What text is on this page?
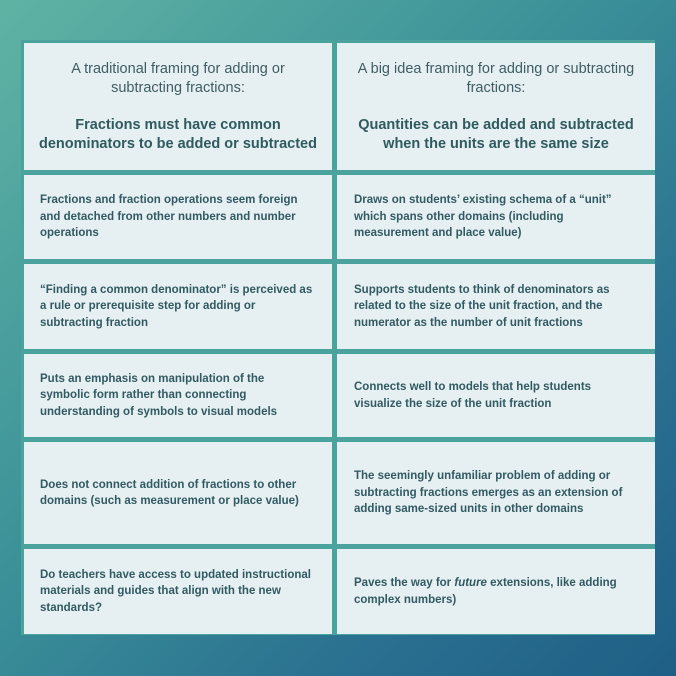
A traditional framing for adding or subtracting fractions:
Fractions must have common denominators to be added or subtracted
A big idea framing for adding or subtracting fractions:
Quantities can be added and subtracted when the units are the same size
Fractions and fraction operations seem foreign and detached from other numbers and number operations
Draws on students’ existing schema of a “unit” which spans other domains (including measurement and place value)
“Finding a common denominator” is perceived as a rule or prerequisite step for adding or subtracting fraction
Supports students to think of denominators as related to the size of the unit fraction, and the numerator as the number of unit fractions
Puts an emphasis on manipulation of the symbolic form rather than connecting understanding of symbols to visual models
Connects well to models that help students visualize the size of the unit fraction
Does not connect addition of fractions to other domains (such as measurement or place value)
The seemingly unfamiliar problem of adding or subtracting fractions emerges as an extension of adding same-sized units in other domains
Do teachers have access to updated instructional materials and guides that align with the new standards?
Paves the way for future extensions, like adding complex numbers)
